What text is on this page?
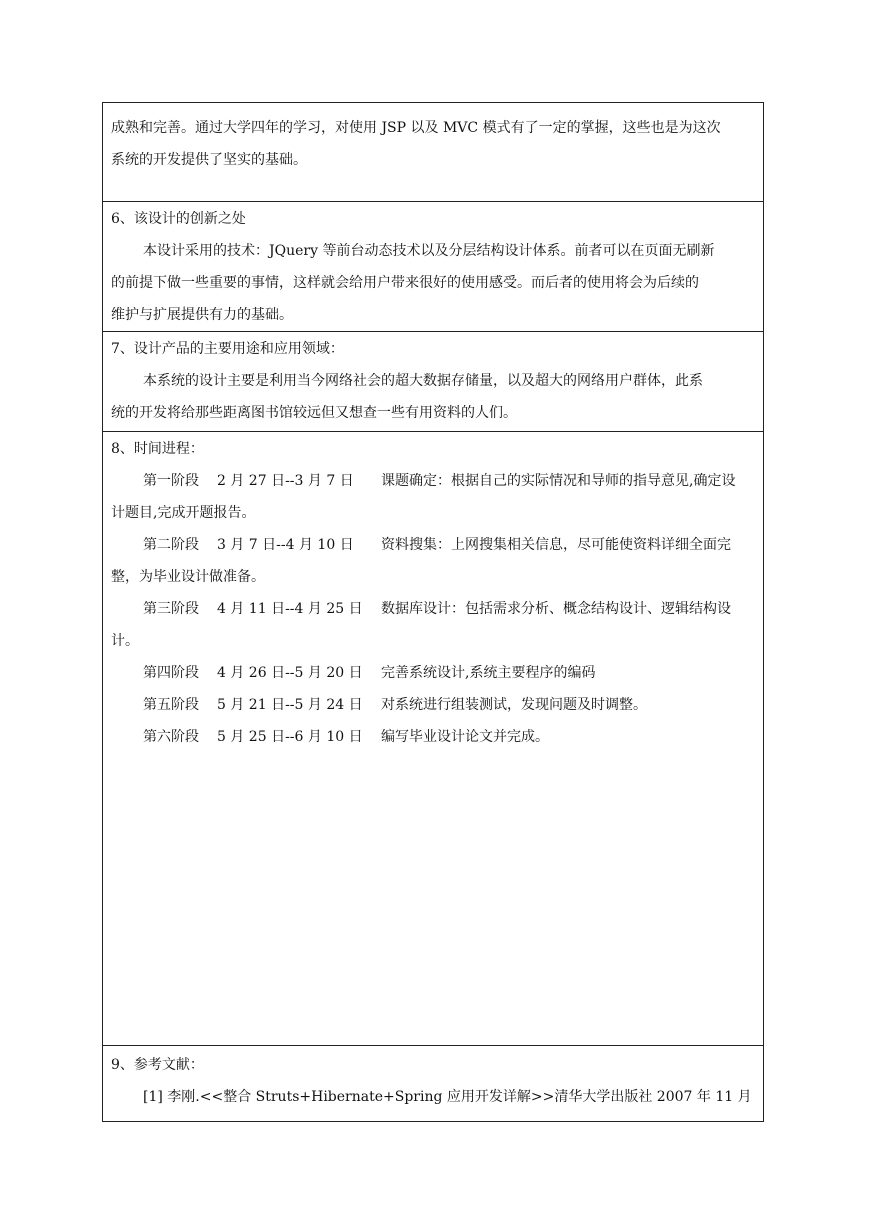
成熟和完善。通过大学四年的学习，对使用 JSP 以及 MVC 模式有了一定的掌握，这些也是为这次

系统的开发提供了坚实的基础。

6、该设计的创新之处

本设计采用的技术：JQuery 等前台动态技术以及分层结构设计体系。前者可以在页面无刷新

的前提下做一些重要的事情，这样就会给用户带来很好的使用感受。而后者的使用将会为后续的

维护与扩展提供有力的基础。

7、设计产品的主要用途和应用领域：

本系统的设计主要是利用当今网络社会的超大数据存储量，以及超大的网络用户群体，此系

统的开发将给那些距离图书馆较远但又想查一些有用资料的人们。

8、时间进程：

第一阶段 2 月 27 日--3 月 7 日 课题确定：根据自己的实际情况和导师的指导意见,确定设

计题目,完成开题报告。

第二阶段 3 月 7 日--4 月 10 日 资料搜集：上网搜集相关信息，尽可能使资料详细全面完

整，为毕业设计做准备。

第三阶段 4 月 11 日--4 月 25 日 数据库设计：包括需求分析、概念结构设计、逻辑结构设

计。

第四阶段 4 月 26 日--5 月 20 日 完善系统设计,系统主要程序的编码

第五阶段 5 月 21 日--5 月 24 日 对系统进行组装测试，发现问题及时调整。

第六阶段 5 月 25 日--6 月 10 日 编写毕业设计论文并完成。

9、参考文献：

[1] 李刚.<<整合 Struts+Hibernate+Spring 应用开发详解>>清华大学出版社 2007 年 11 月
